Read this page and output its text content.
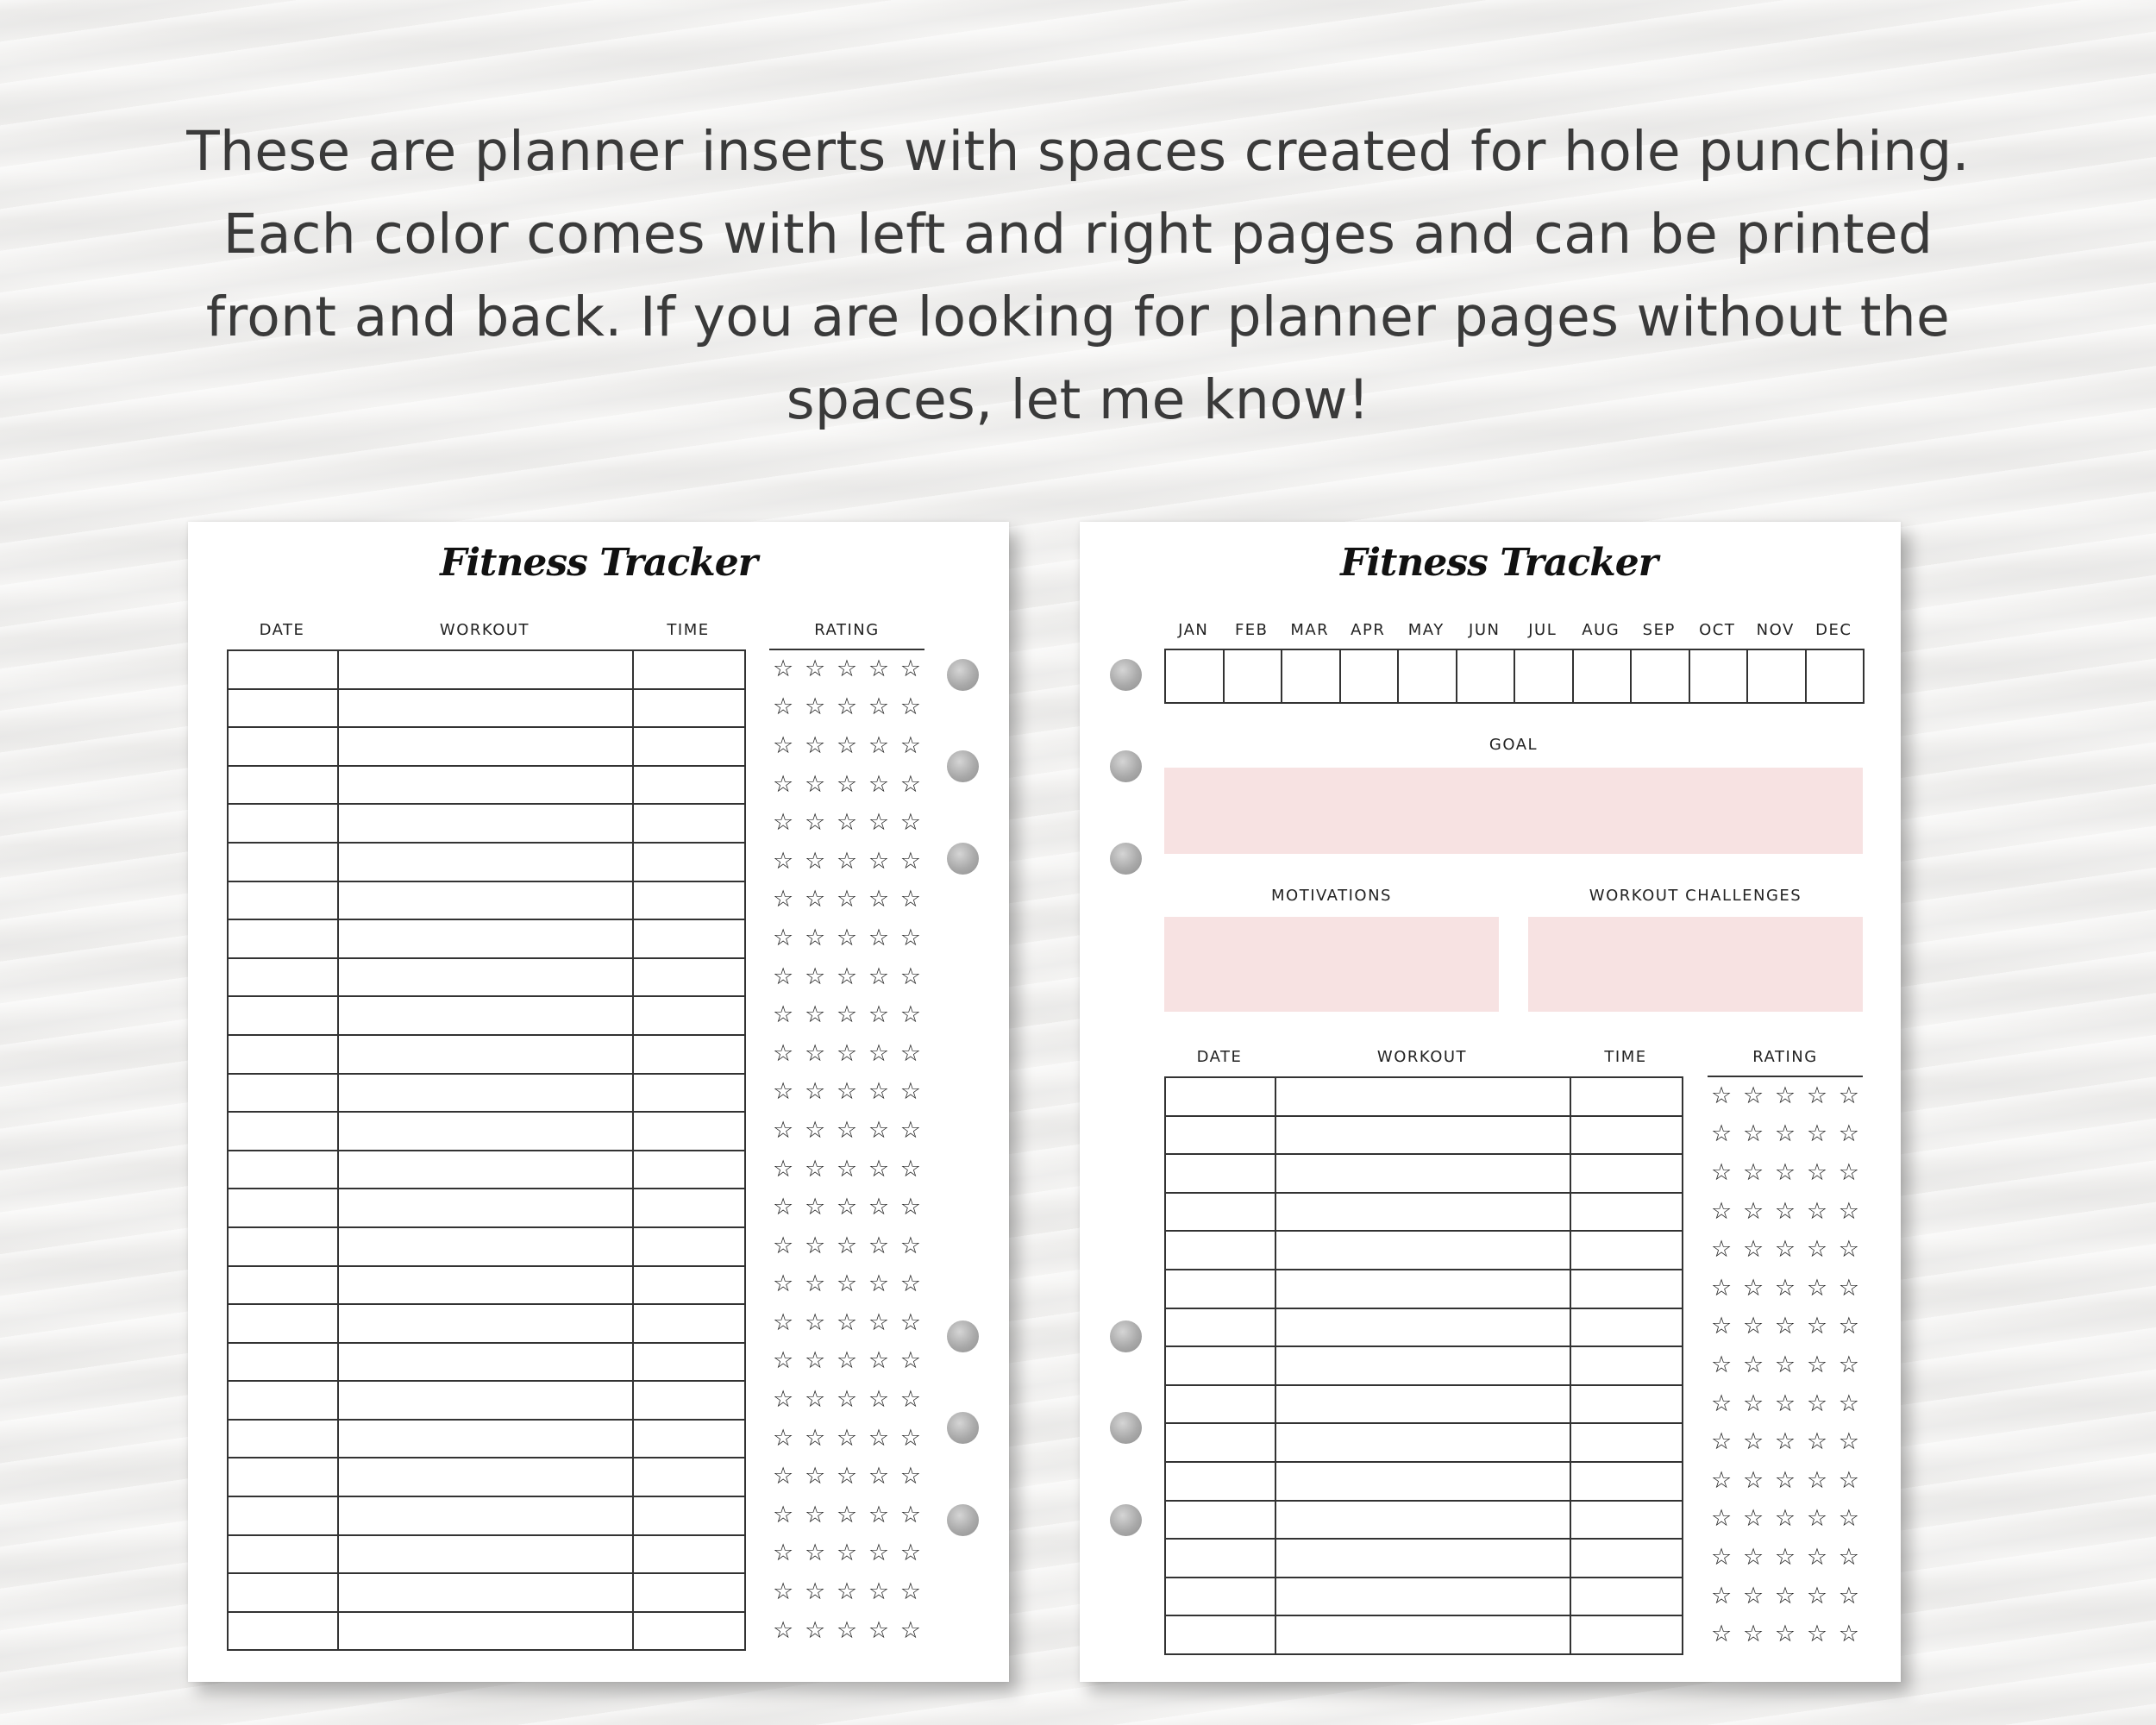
These are planner inserts with spaces created for hole punching.
Each color comes with left and right pages and can be printed
front and back. If you are looking for planner pages without the
spaces, let me know!
Fitness Tracker
DATE	WORKOUT	TIME	RATING

☆ ☆ ☆ ☆ ☆
☆ ☆ ☆ ☆ ☆
☆ ☆ ☆ ☆ ☆
☆ ☆ ☆ ☆ ☆
☆ ☆ ☆ ☆ ☆
☆ ☆ ☆ ☆ ☆
☆ ☆ ☆ ☆ ☆
☆ ☆ ☆ ☆ ☆
☆ ☆ ☆ ☆ ☆
☆ ☆ ☆ ☆ ☆
☆ ☆ ☆ ☆ ☆
☆ ☆ ☆ ☆ ☆
☆ ☆ ☆ ☆ ☆
☆ ☆ ☆ ☆ ☆
☆ ☆ ☆ ☆ ☆
☆ ☆ ☆ ☆ ☆
☆ ☆ ☆ ☆ ☆
☆ ☆ ☆ ☆ ☆
☆ ☆ ☆ ☆ ☆
☆ ☆ ☆ ☆ ☆
☆ ☆ ☆ ☆ ☆
☆ ☆ ☆ ☆ ☆
☆ ☆ ☆ ☆ ☆
☆ ☆ ☆ ☆ ☆
☆ ☆ ☆ ☆ ☆
☆ ☆ ☆ ☆ ☆
Fitness Tracker
JAN	FEB	MAR	APR	MAY	JUN	JUL	AUG	SEP	OCT	NOV	DEC

GOAL
MOTIVATIONS	WORKOUT CHALLENGES
DATE	WORKOUT	TIME	RATING

☆ ☆ ☆ ☆ ☆
☆ ☆ ☆ ☆ ☆
☆ ☆ ☆ ☆ ☆
☆ ☆ ☆ ☆ ☆
☆ ☆ ☆ ☆ ☆
☆ ☆ ☆ ☆ ☆
☆ ☆ ☆ ☆ ☆
☆ ☆ ☆ ☆ ☆
☆ ☆ ☆ ☆ ☆
☆ ☆ ☆ ☆ ☆
☆ ☆ ☆ ☆ ☆
☆ ☆ ☆ ☆ ☆
☆ ☆ ☆ ☆ ☆
☆ ☆ ☆ ☆ ☆
☆ ☆ ☆ ☆ ☆
